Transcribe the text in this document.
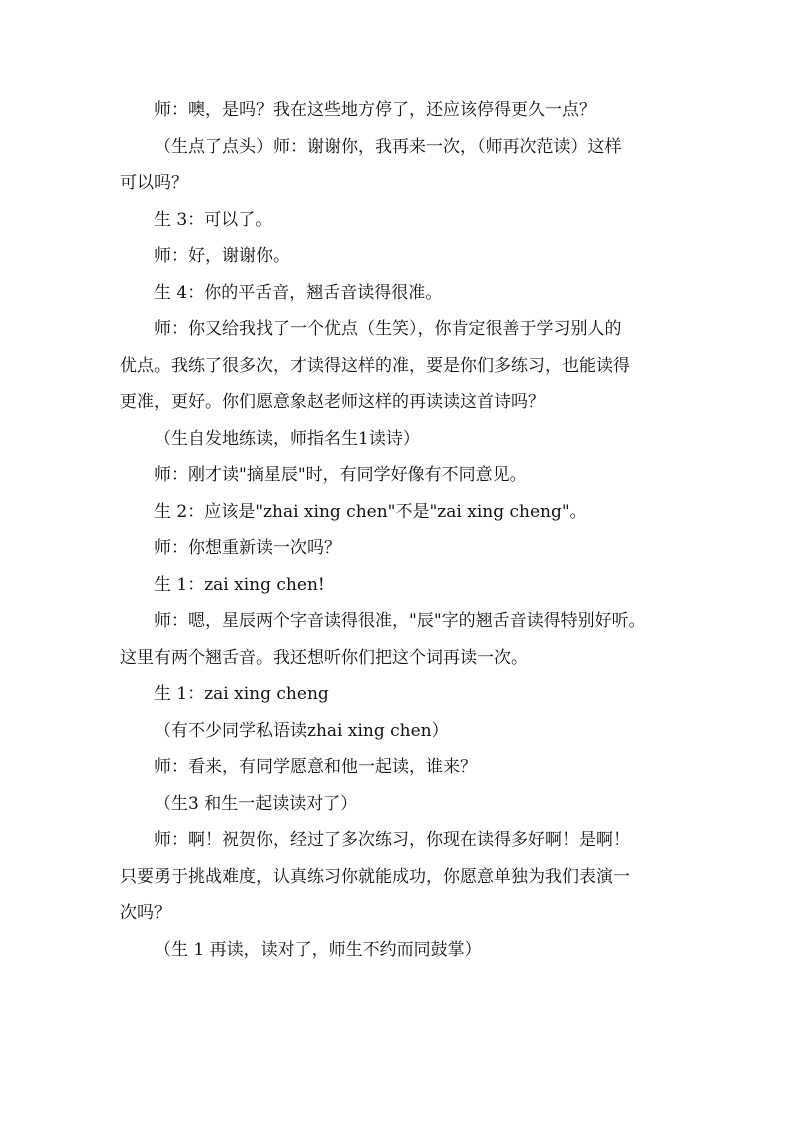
师：噢，是吗？我在这些地方停了，还应该停得更久一点？

（生点了点头）师：谢谢你，我再来一次，（师再次范读）这样
可以吗？

生 3：可以了。

师：好，谢谢你。

生 4：你的平舌音，翘舌音读得很准。

师：你又给我找了一个优点（生笑），你肯定很善于学习别人的
优点。我练了很多次，才读得这样的准，要是你们多练习，也能读得
更准，更好。你们愿意象赵老师这样的再读读这首诗吗？

（生自发地练读，师指名生1读诗）

师：刚才读"摘星辰"时，有同学好像有不同意见。

生 2：应该是"zhai xing chen"不是"zai xing cheng"。

师：你想重新读一次吗？

生 1：zai xing chen!

师：嗯，星辰两个字音读得很准，"辰"字的翘舌音读得特别好听。
这里有两个翘舌音。我还想听你们把这个词再读一次。

生 1：zai xing cheng

（有不少同学私语读zhai xing chen）

师：看来，有同学愿意和他一起读，谁来？

（生3 和生一起读读对了）

师：啊！祝贺你，经过了多次练习，你现在读得多好啊！是啊！
只要勇于挑战难度，认真练习你就能成功，你愿意单独为我们表演一
次吗？

（生 1 再读，读对了，师生不约而同鼓掌）
